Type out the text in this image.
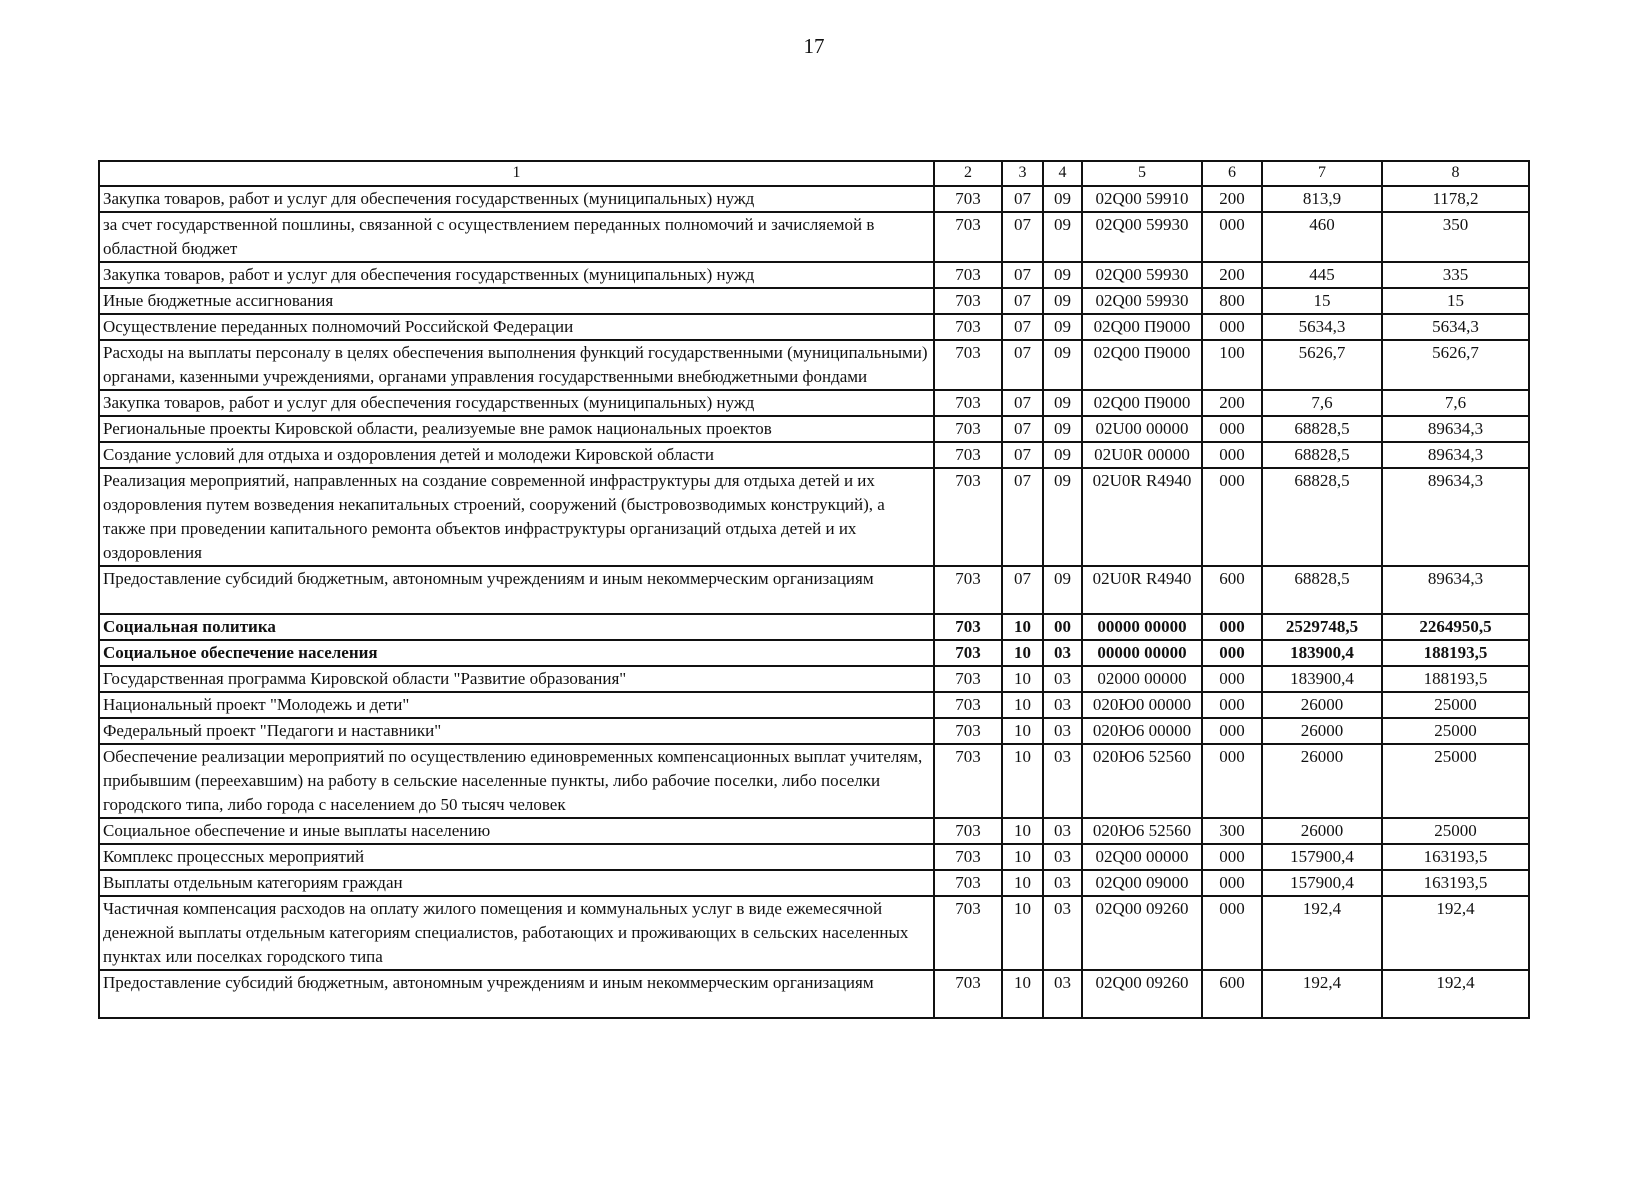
17
1	2	3	4	5	6	7	8
Закупка товаров, работ и услуг для обеспечения государственных (муниципальных) нужд	703	07	09	02Q00 59910	200	813,9	1178,2
за счет государственной пошлины, связанной с осуществлением переданных полномочий и зачисляемой в областной бюджет	703	07	09	02Q00 59930	000	460	350
Закупка товаров, работ и услуг для обеспечения государственных (муниципальных) нужд	703	07	09	02Q00 59930	200	445	335
Иные бюджетные ассигнования	703	07	09	02Q00 59930	800	15	15
Осуществление переданных полномочий Российской Федерации	703	07	09	02Q00 П9000	000	5634,3	5634,3
Расходы на выплаты персоналу в целях обеспечения выполнения функций государственными (муниципальными) органами, казенными учреждениями, органами управления государственными внебюджетными фондами	703	07	09	02Q00 П9000	100	5626,7	5626,7
Закупка товаров, работ и услуг для обеспечения государственных (муниципальных) нужд	703	07	09	02Q00 П9000	200	7,6	7,6
Региональные проекты Кировской области, реализуемые вне рамок национальных проектов	703	07	09	02U00 00000	000	68828,5	89634,3
Создание условий для отдыха и оздоровления детей и молодежи Кировской области	703	07	09	02U0R 00000	000	68828,5	89634,3
Реализация мероприятий, направленных на создание современной инфраструктуры для отдыха детей и их оздоровления путем возведения некапитальных строений, сооружений (быстровозводимых конструкций), а также при проведении капитального ремонта объектов инфраструктуры организаций отдыха детей и их оздоровления	703	07	09	02U0R R4940	000	68828,5	89634,3
Предоставление субсидий бюджетным, автономным учреждениям и иным некоммерческим организациям	703	07	09	02U0R R4940	600	68828,5	89634,3
Социальная политика	703	10	00	00000 00000	000	2529748,5	2264950,5
Социальное обеспечение населения	703	10	03	00000 00000	000	183900,4	188193,5
Государственная программа Кировской области "Развитие образования"	703	10	03	02000 00000	000	183900,4	188193,5
Национальный проект "Молодежь и дети"	703	10	03	020Ю0 00000	000	26000	25000
Федеральный проект "Педагоги и наставники"	703	10	03	020Ю6 00000	000	26000	25000
Обеспечение реализации мероприятий по осуществлению единовременных компенсационных выплат учителям, прибывшим (переехавшим) на работу в сельские населенные пункты, либо рабочие поселки, либо поселки городского типа, либо города с населением до 50 тысяч человек	703	10	03	020Ю6 52560	000	26000	25000
Социальное обеспечение и иные выплаты населению	703	10	03	020Ю6 52560	300	26000	25000
Комплекс процессных мероприятий	703	10	03	02Q00 00000	000	157900,4	163193,5
Выплаты отдельным категориям граждан	703	10	03	02Q00 09000	000	157900,4	163193,5
Частичная компенсация расходов на оплату жилого помещения и коммунальных услуг в виде ежемесячной денежной выплаты отдельным категориям специалистов, работающих и проживающих в сельских населенных пунктах или поселках городского типа	703	10	03	02Q00 09260	000	192,4	192,4
Предоставление субсидий бюджетным, автономным учреждениям и иным некоммерческим организациям	703	10	03	02Q00 09260	600	192,4	192,4
